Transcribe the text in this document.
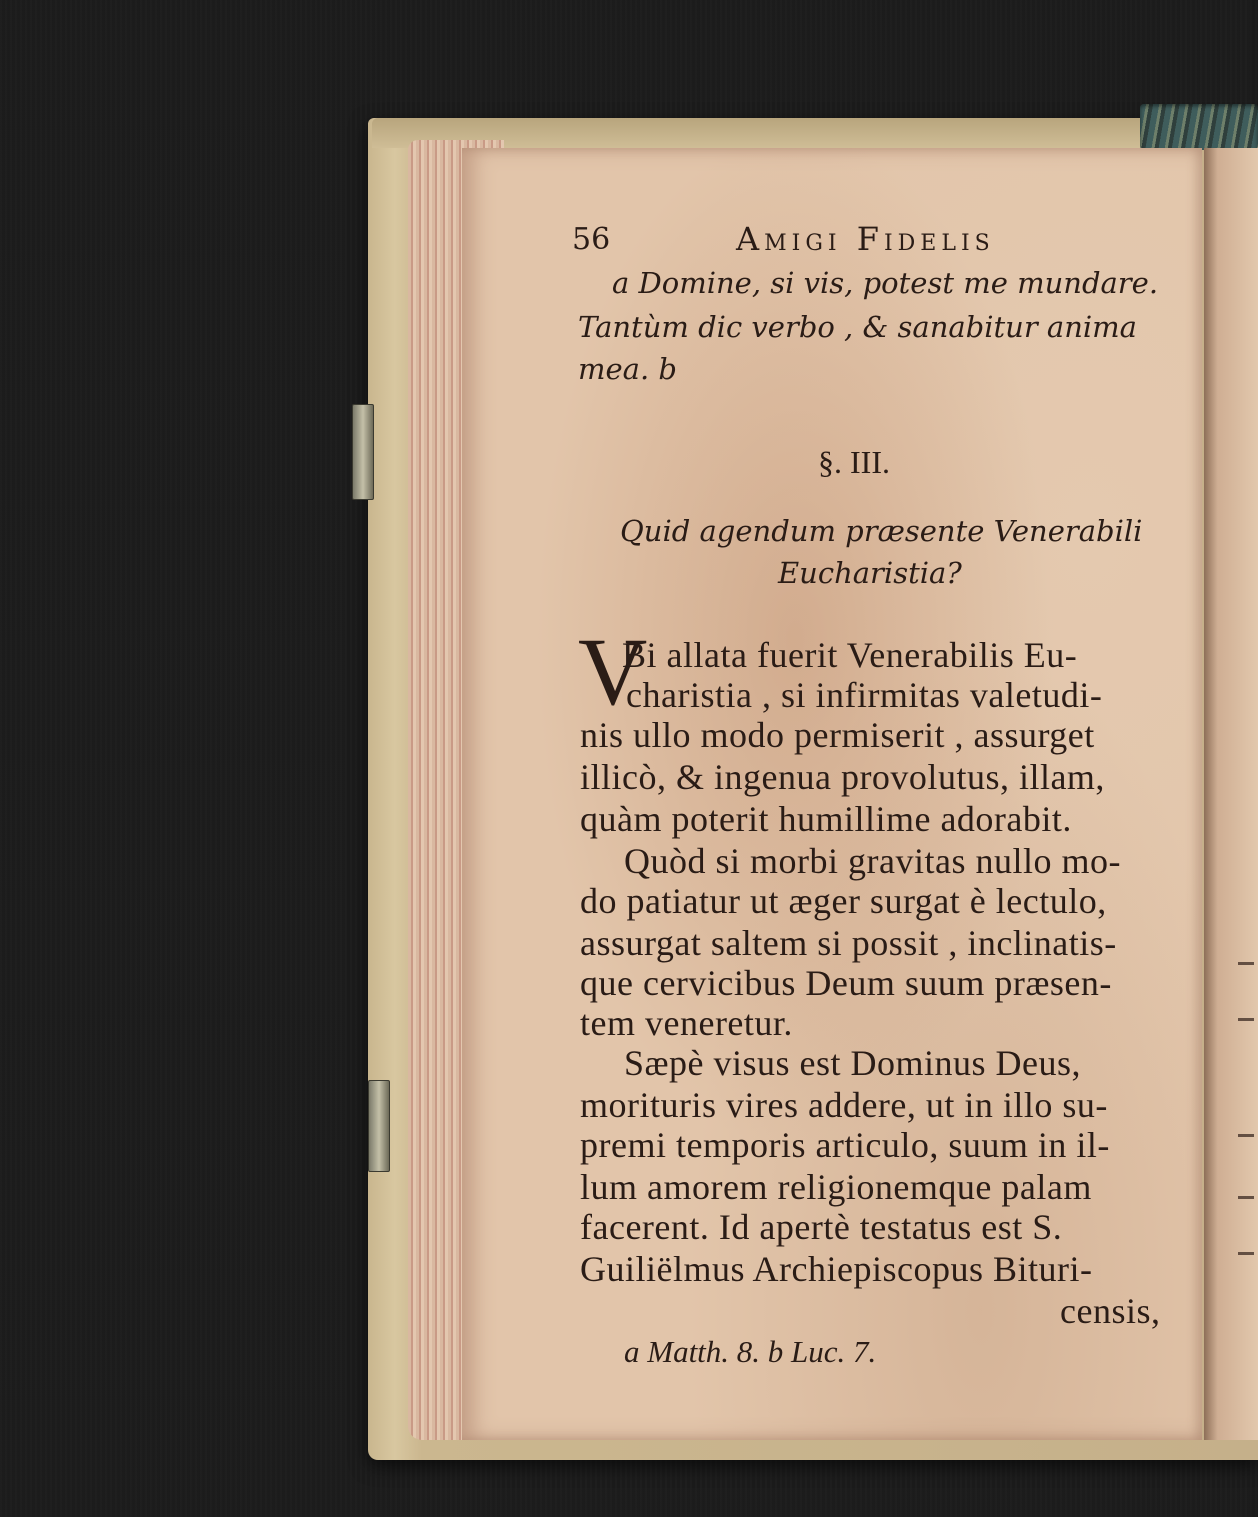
56	Amigi Fidelis
a Domine, si vis, potest me mundare.
Tantùm dic verbo , & sanabitur anima
mea. b
§. III.
Quid agendum præsente Venerabili
Eucharistia?
V
Bi allata fuerit Venerabilis Eu-
charistia , si infirmitas valetudi-
nis ullo modo permiserit , assurget
illicò, & ingenua provolutus, illam,
quàm poterit humillime adorabit.
Quòd si morbi gravitas nullo mo-
do patiatur ut æger surgat è lectulo,
assurgat saltem si possit , inclinatis-
que cervicibus Deum suum præsen-
tem veneretur.
Sæpè visus est Dominus Deus,
morituris vires addere, ut in illo su-
premi temporis articulo, suum in il-
lum amorem religionemque palam
facerent. Id apertè testatus est S.
Guiliëlmus Archiepiscopus Bituri-
censis,
a Matth. 8. b Luc. 7.
